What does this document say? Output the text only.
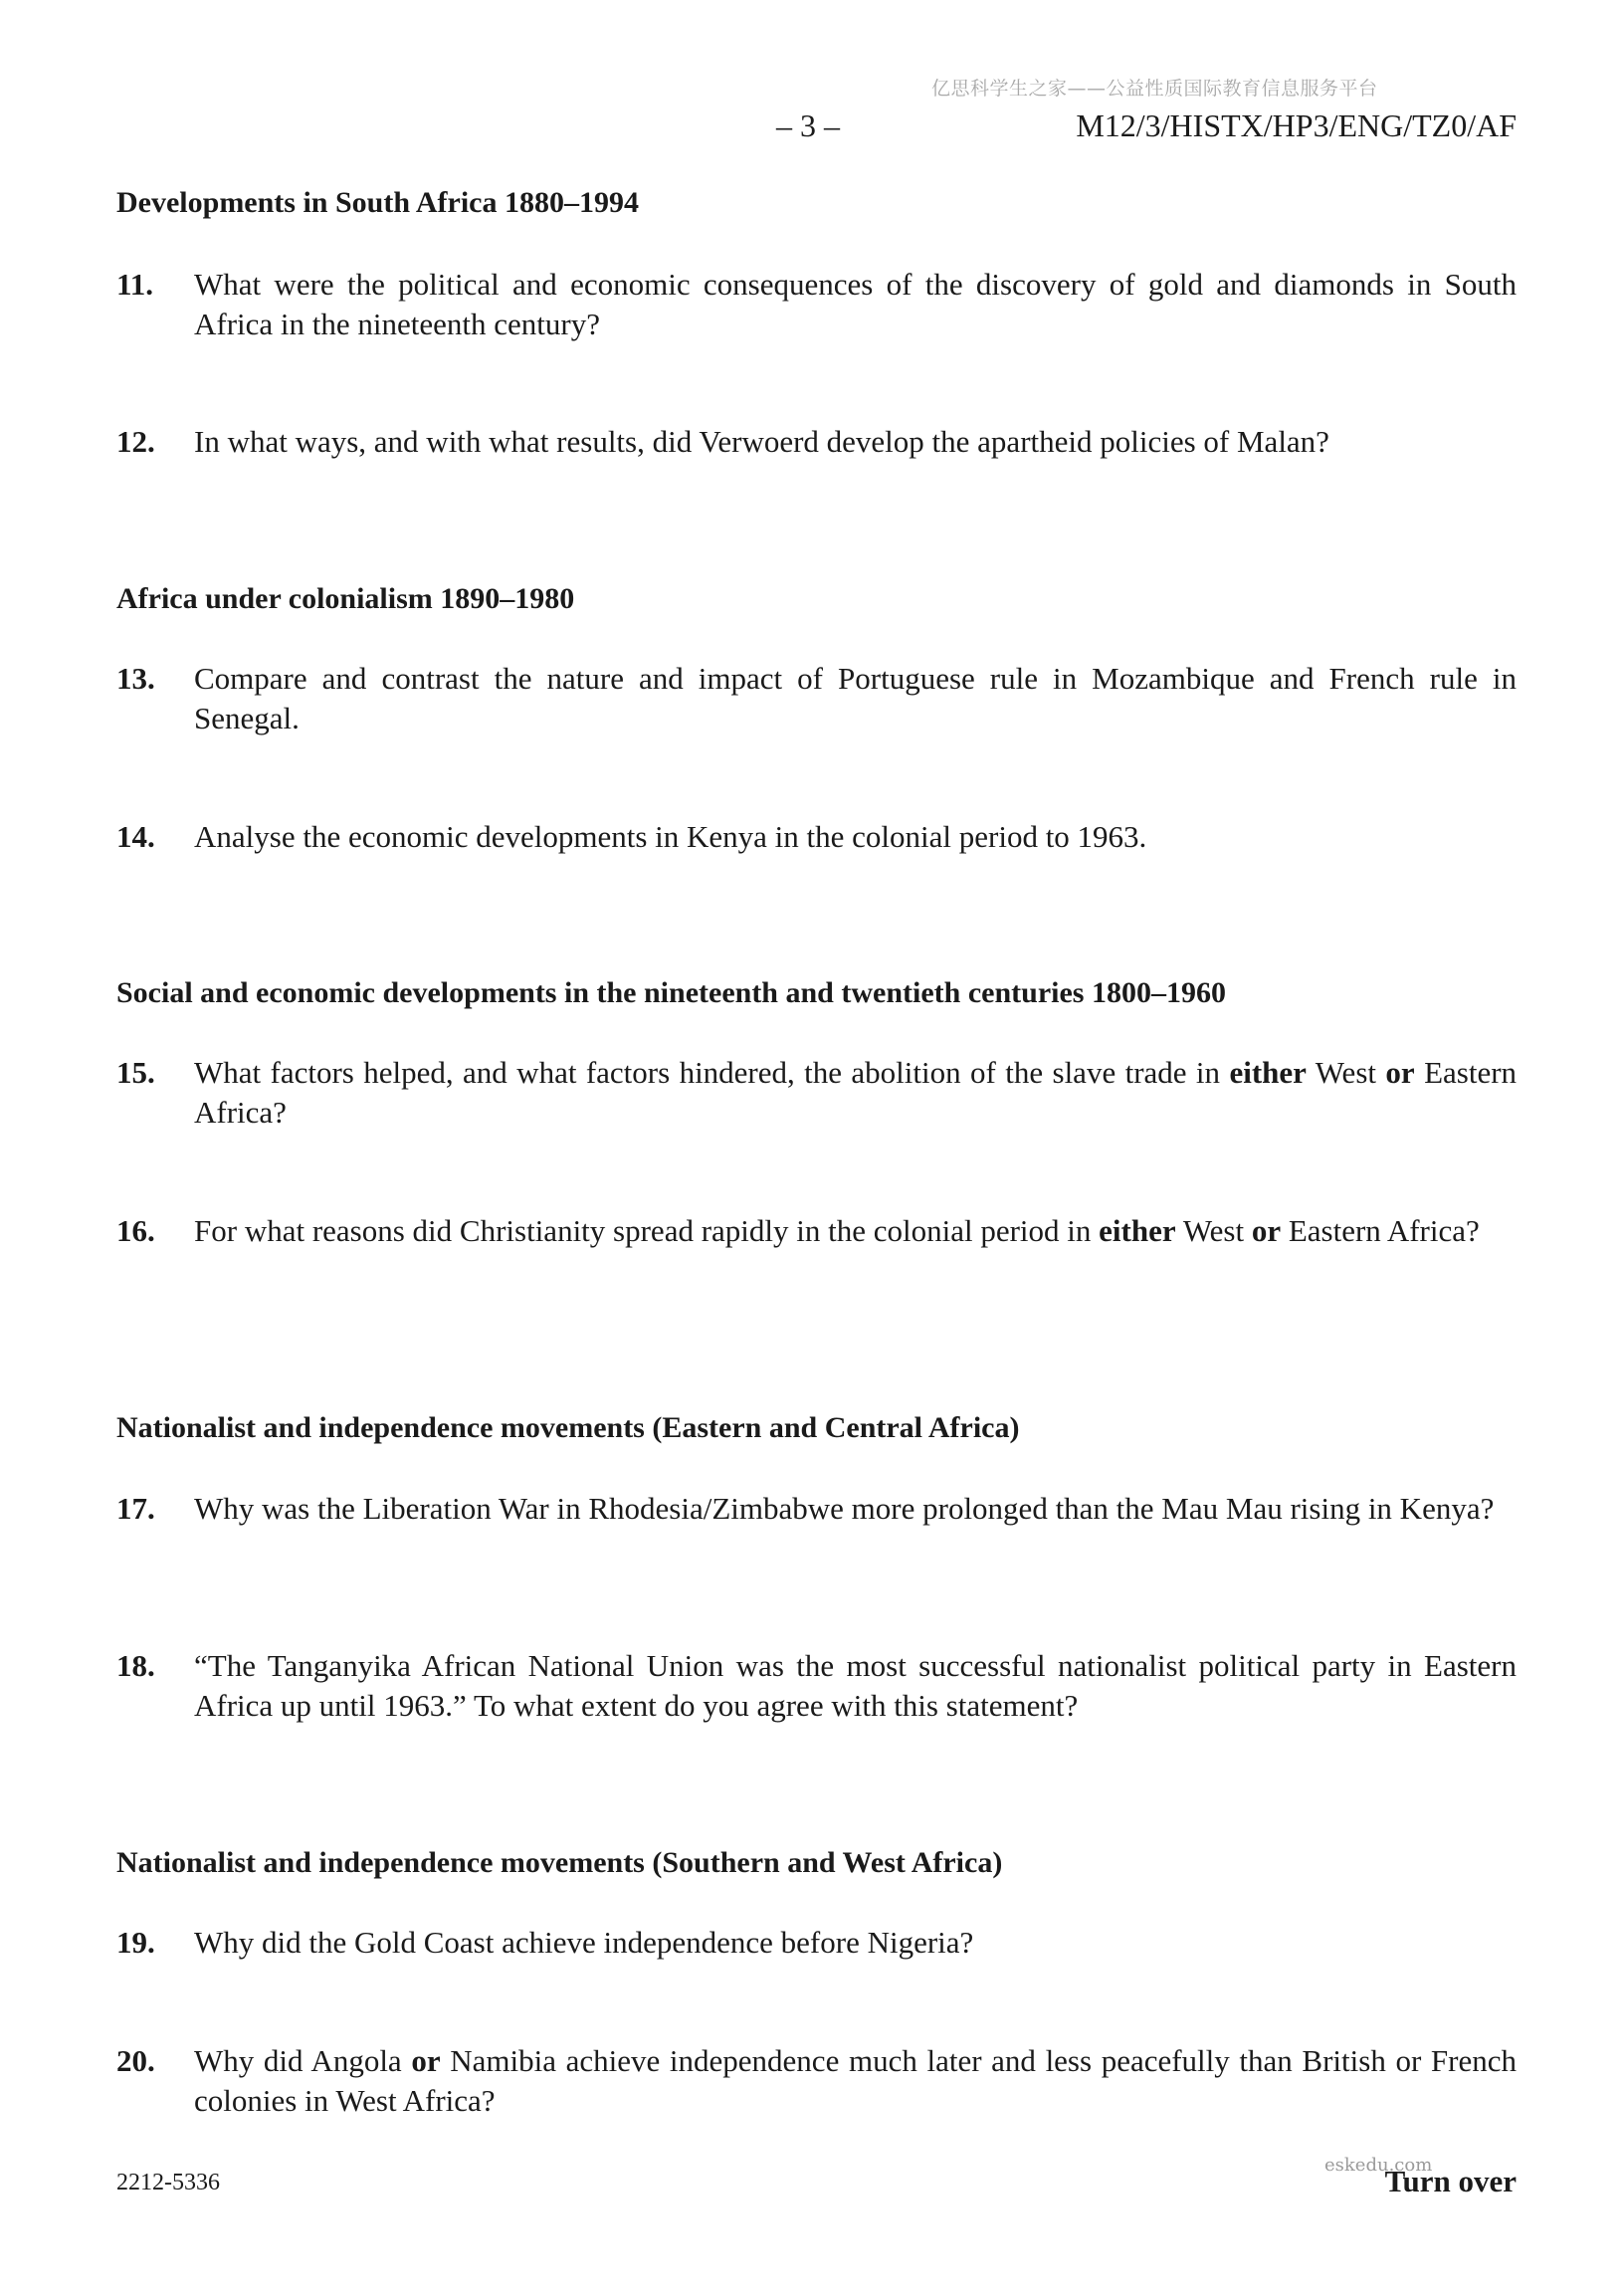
亿思科学生之家——公益性质国际教育信息服务平台
– 3 –	M12/3/HISTX/HP3/ENG/TZ0/AF
Developments in South Africa 1880–1994
11. What were the political and economic consequences of the discovery of gold and diamonds in South Africa in the nineteenth century?
12. In what ways, and with what results, did Verwoerd develop the apartheid policies of Malan?
Africa under colonialism 1890–1980
13. Compare and contrast the nature and impact of Portuguese rule in Mozambique and French rule in Senegal.
14. Analyse the economic developments in Kenya in the colonial period to 1963.
Social and economic developments in the nineteenth and twentieth centuries 1800–1960
15. What factors helped, and what factors hindered, the abolition of the slave trade in either West or Eastern Africa?
16. For what reasons did Christianity spread rapidly in the colonial period in either West or Eastern Africa?
Nationalist and independence movements (Eastern and Central Africa)
17. Why was the Liberation War in Rhodesia/Zimbabwe more prolonged than the Mau Mau rising in Kenya?
18. “The Tanganyika African National Union was the most successful nationalist political party in Eastern Africa up until 1963.” To what extent do you agree with this statement?
Nationalist and independence movements (Southern and West Africa)
19. Why did the Gold Coast achieve independence before Nigeria?
20. Why did Angola or Namibia achieve independence much later and less peacefully than British or French colonies in West Africa?
2212-5336
eskedu.com
Turn over
